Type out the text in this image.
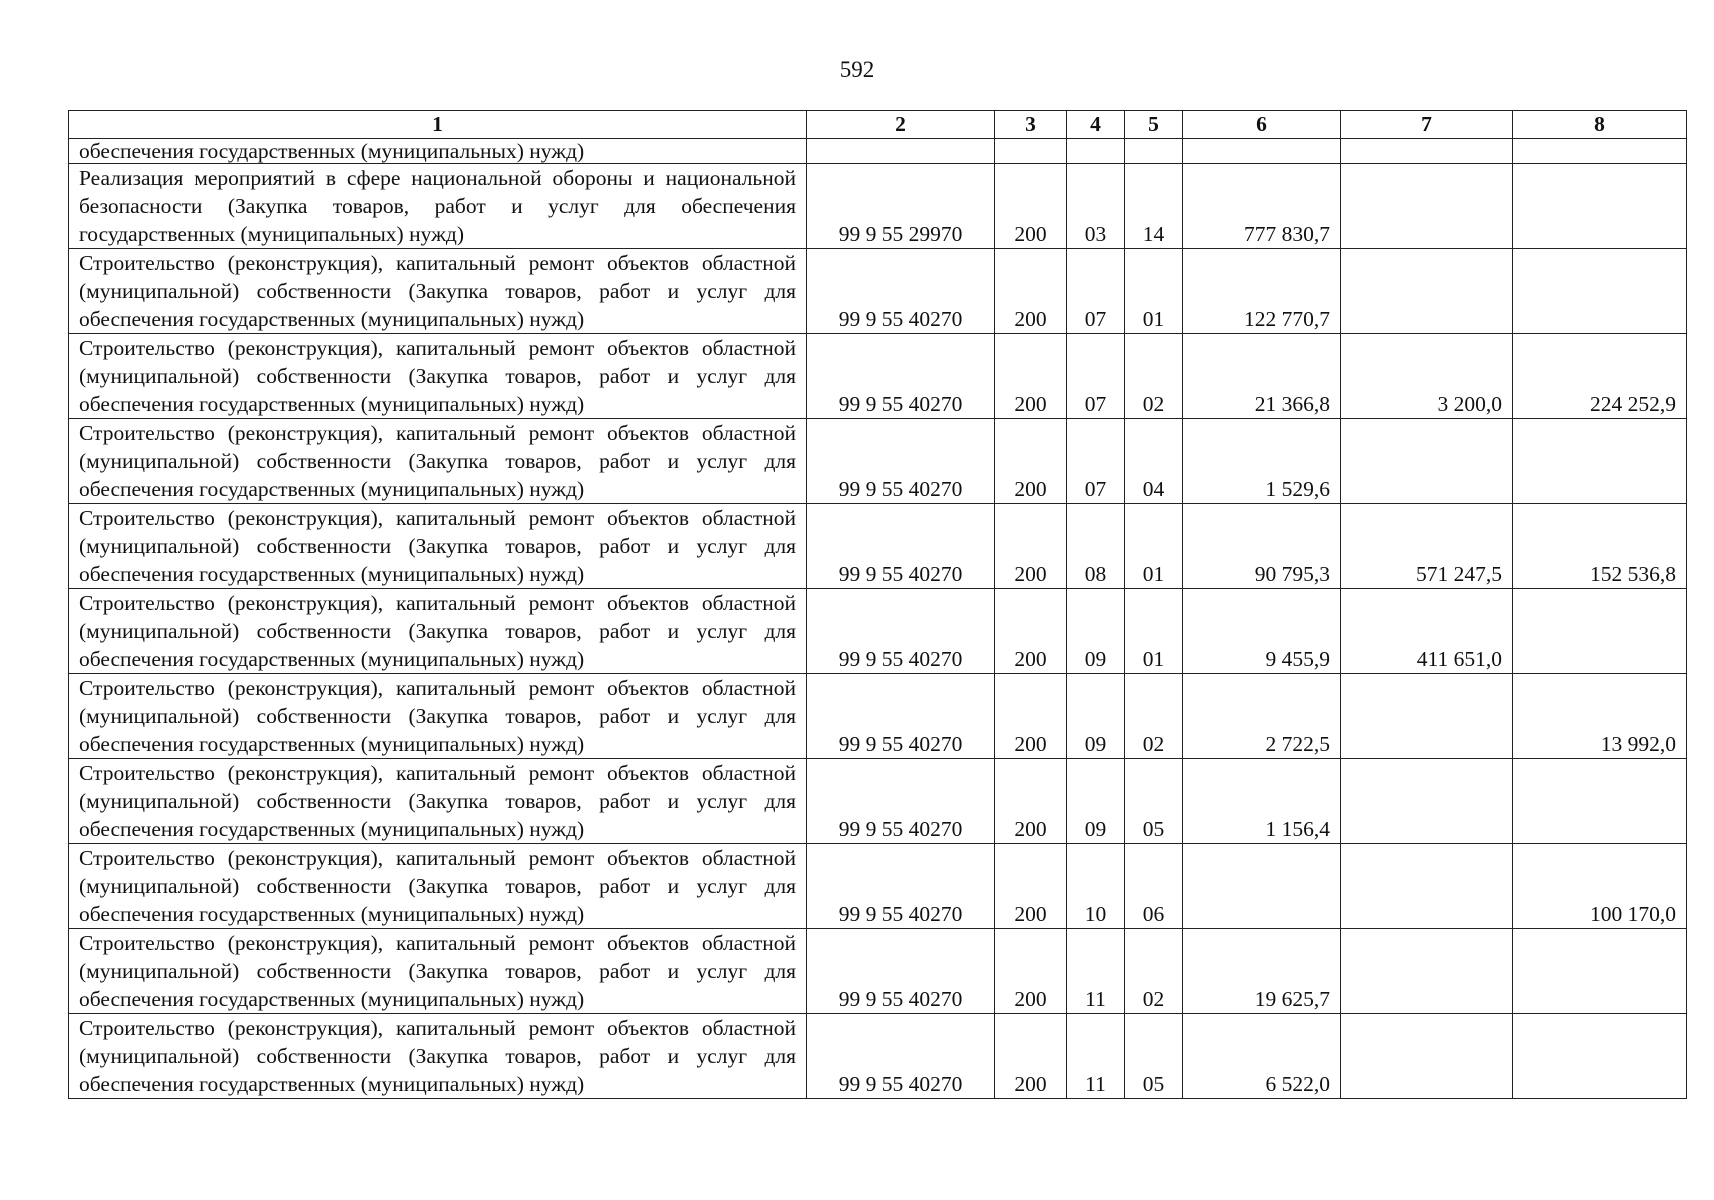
592
1	2	3	4	5	6	7	8
обеспечения государственных (муниципальных) нужд)							
Реализация мероприятий в сфере национальной обороны и национальной безопасности (Закупка товаров, работ и услуг для обеспечения государственных (муниципальных) нужд)	99 9 55 29970	200	03	14	777 830,7		
Строительство (реконструкция), капитальный ремонт объектов областной (муниципальной) собственности (Закупка товаров, работ и услуг для обеспечения государственных (муниципальных) нужд)	99 9 55 40270	200	07	01	122 770,7		
Строительство (реконструкция), капитальный ремонт объектов областной (муниципальной) собственности (Закупка товаров, работ и услуг для обеспечения государственных (муниципальных) нужд)	99 9 55 40270	200	07	02	21 366,8	3 200,0	224 252,9
Строительство (реконструкция), капитальный ремонт объектов областной (муниципальной) собственности (Закупка товаров, работ и услуг для обеспечения государственных (муниципальных) нужд)	99 9 55 40270	200	07	04	1 529,6		
Строительство (реконструкция), капитальный ремонт объектов областной (муниципальной) собственности (Закупка товаров, работ и услуг для обеспечения государственных (муниципальных) нужд)	99 9 55 40270	200	08	01	90 795,3	571 247,5	152 536,8
Строительство (реконструкция), капитальный ремонт объектов областной (муниципальной) собственности (Закупка товаров, работ и услуг для обеспечения государственных (муниципальных) нужд)	99 9 55 40270	200	09	01	9 455,9	411 651,0	
Строительство (реконструкция), капитальный ремонт объектов областной (муниципальной) собственности (Закупка товаров, работ и услуг для обеспечения государственных (муниципальных) нужд)	99 9 55 40270	200	09	02	2 722,5		13 992,0
Строительство (реконструкция), капитальный ремонт объектов областной (муниципальной) собственности (Закупка товаров, работ и услуг для обеспечения государственных (муниципальных) нужд)	99 9 55 40270	200	09	05	1 156,4		
Строительство (реконструкция), капитальный ремонт объектов областной (муниципальной) собственности (Закупка товаров, работ и услуг для обеспечения государственных (муниципальных) нужд)	99 9 55 40270	200	10	06			100 170,0
Строительство (реконструкция), капитальный ремонт объектов областной (муниципальной) собственности (Закупка товаров, работ и услуг для обеспечения государственных (муниципальных) нужд)	99 9 55 40270	200	11	02	19 625,7		
Строительство (реконструкция), капитальный ремонт объектов областной (муниципальной) собственности (Закупка товаров, работ и услуг для обеспечения государственных (муниципальных) нужд)	99 9 55 40270	200	11	05	6 522,0		
